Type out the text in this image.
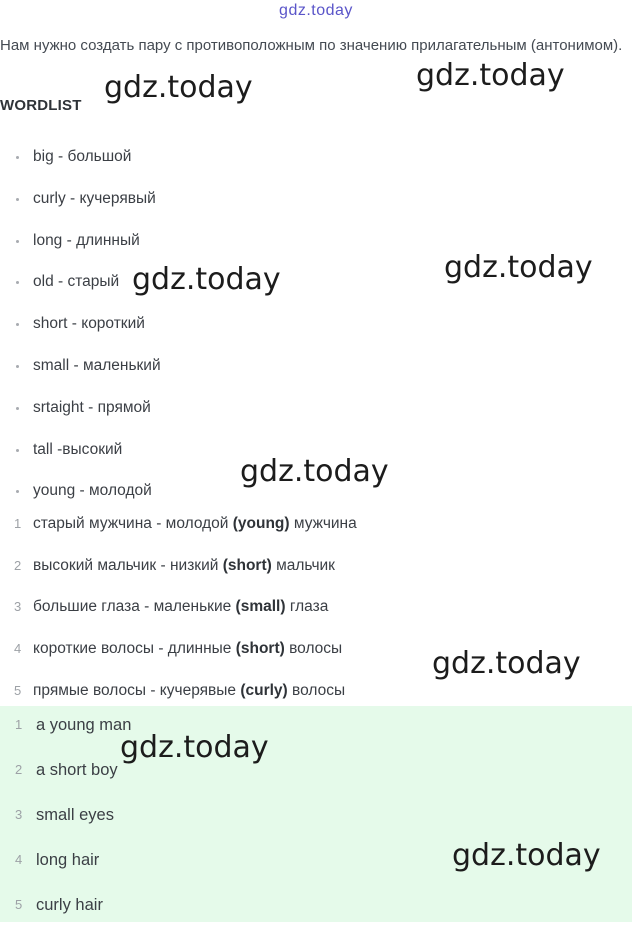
gdz.today
Нам нужно создать пару с противоположным по значению прилагательным (антонимом).
WORDLIST
big - большой
curly - кучерявый
long - длинный
old - старый
short - короткий
small - маленький
srtaight - прямой
tall -высокий
young - молодой
1 старый мужчина - молодой (young) мужчина
2 высокий мальчик - низкий (short) мальчик
3 большие глаза - маленькие (small) глаза
4 короткие волосы - длинные (short) волосы
5 прямые волосы - кучерявые (curly) волосы
1 a young man
2 a short boy
3 small eyes
4 long hair
5 curly hair
gdz.today	gdz.today
gdz.today	gdz.today
gdz.today
gdz.today
gdz.today
gdz.today
